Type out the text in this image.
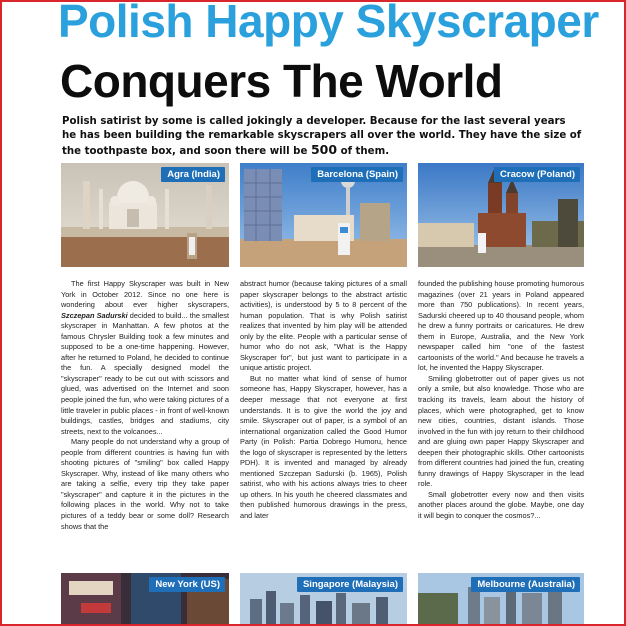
Polish Happy Skyscraper
Conquers The World

Polish satirist by some is called jokingly a developer. Because for the last several years he has been building the remarkable skyscrapers all over the world. They have the size of the toothpaste box, and soon there will be 500 of them.

Agra (India)	Barcelona (Spain)	Cracow (Poland)

The first Happy Skyscraper was built in New York in October 2012. Since no one here is wondering about ever higher skyscrapers, Szczepan Sadurski decided to build... the smallest skyscraper in Manhattan. A few photos at the famous Chrysler Building took a few minutes and supposed to be a one-time happening. However, after he returned to Poland, he decided to continue the fun. A specially designed model the "skyscraper" ready to be cut out with scissors and glued, was advertised on the Internet and soon people joined the fun, who were taking pictures of a little traveler in public places - in front of well-known buildings, castles, bridges and stadiums, city streets, next to the volcanoes...

Many people do not understand why a group of people from different countries is having fun with shooting pictures of "smiling" box called Happy Skyscraper. Why, instead of like many others who are taking a selfie, every trip they take paper "skyscraper" and capture it in the pictures in the following places in the world. Why not to take pictures of a teddy bear or some doll? Research shows that the

abstract humor (because taking pictures of a small paper skyscraper belongs to the abstract artistic activities), is understood by 5 to 8 percent of the human population. That is why Polish satirist realizes that invented by him play will be attended only by the elite. People with a particular sense of humor who do not ask, "What is the Happy Skyscraper for", but just want to participate in a unique artistic project.

But no matter what kind of sense of humor someone has, Happy Skyscraper, however, has a deeper message that not everyone at first understands. It is to give the world the joy and smile. Skyscraper out of paper, is a symbol of an international organization called the Good Humor Party (in Polish: Partia Dobrego Humoru, hence the logo of skyscraper is represented by the letters PDH). It is invented and managed by already mentioned Szczepan Sadurski (b. 1965), Polish satirist, who with his actions always tries to cheer up others. In his youth he cheered classmates and then published humorous drawings in the press, and later

founded the publishing house promoting humorous magazines (over 21 years in Poland appeared more than 750 publications). In recent years, Sadurski cheered up to 40 thousand people, whom he drew a funny portraits or caricatures. He drew them in Europe, Australia, and the New York newspaper called him "one of the fastest cartoonists of the world." And because he travels a lot, he invented the Happy Skyscraper.

Smiling globetrotter out of paper gives us not only a smile, but also knowledge. Those who are tracking its travels, learn about the history of places, which were photographed, get to know new cities, countries, distant islands. Those involved in the fun with joy return to their childhood and are gluing own paper Happy Skyscraper and deepen their photographic skills. Other cartoonists from different countries had joined the fun, creating funny drawings of Happy Skyscraper in the lead role.

Small globetrotter every now and then visits another places around the globe. Maybe, one day it will begin to conquer the cosmos?...

New York (US)	Singapore (Malaysia)	Melbourne (Australia)
